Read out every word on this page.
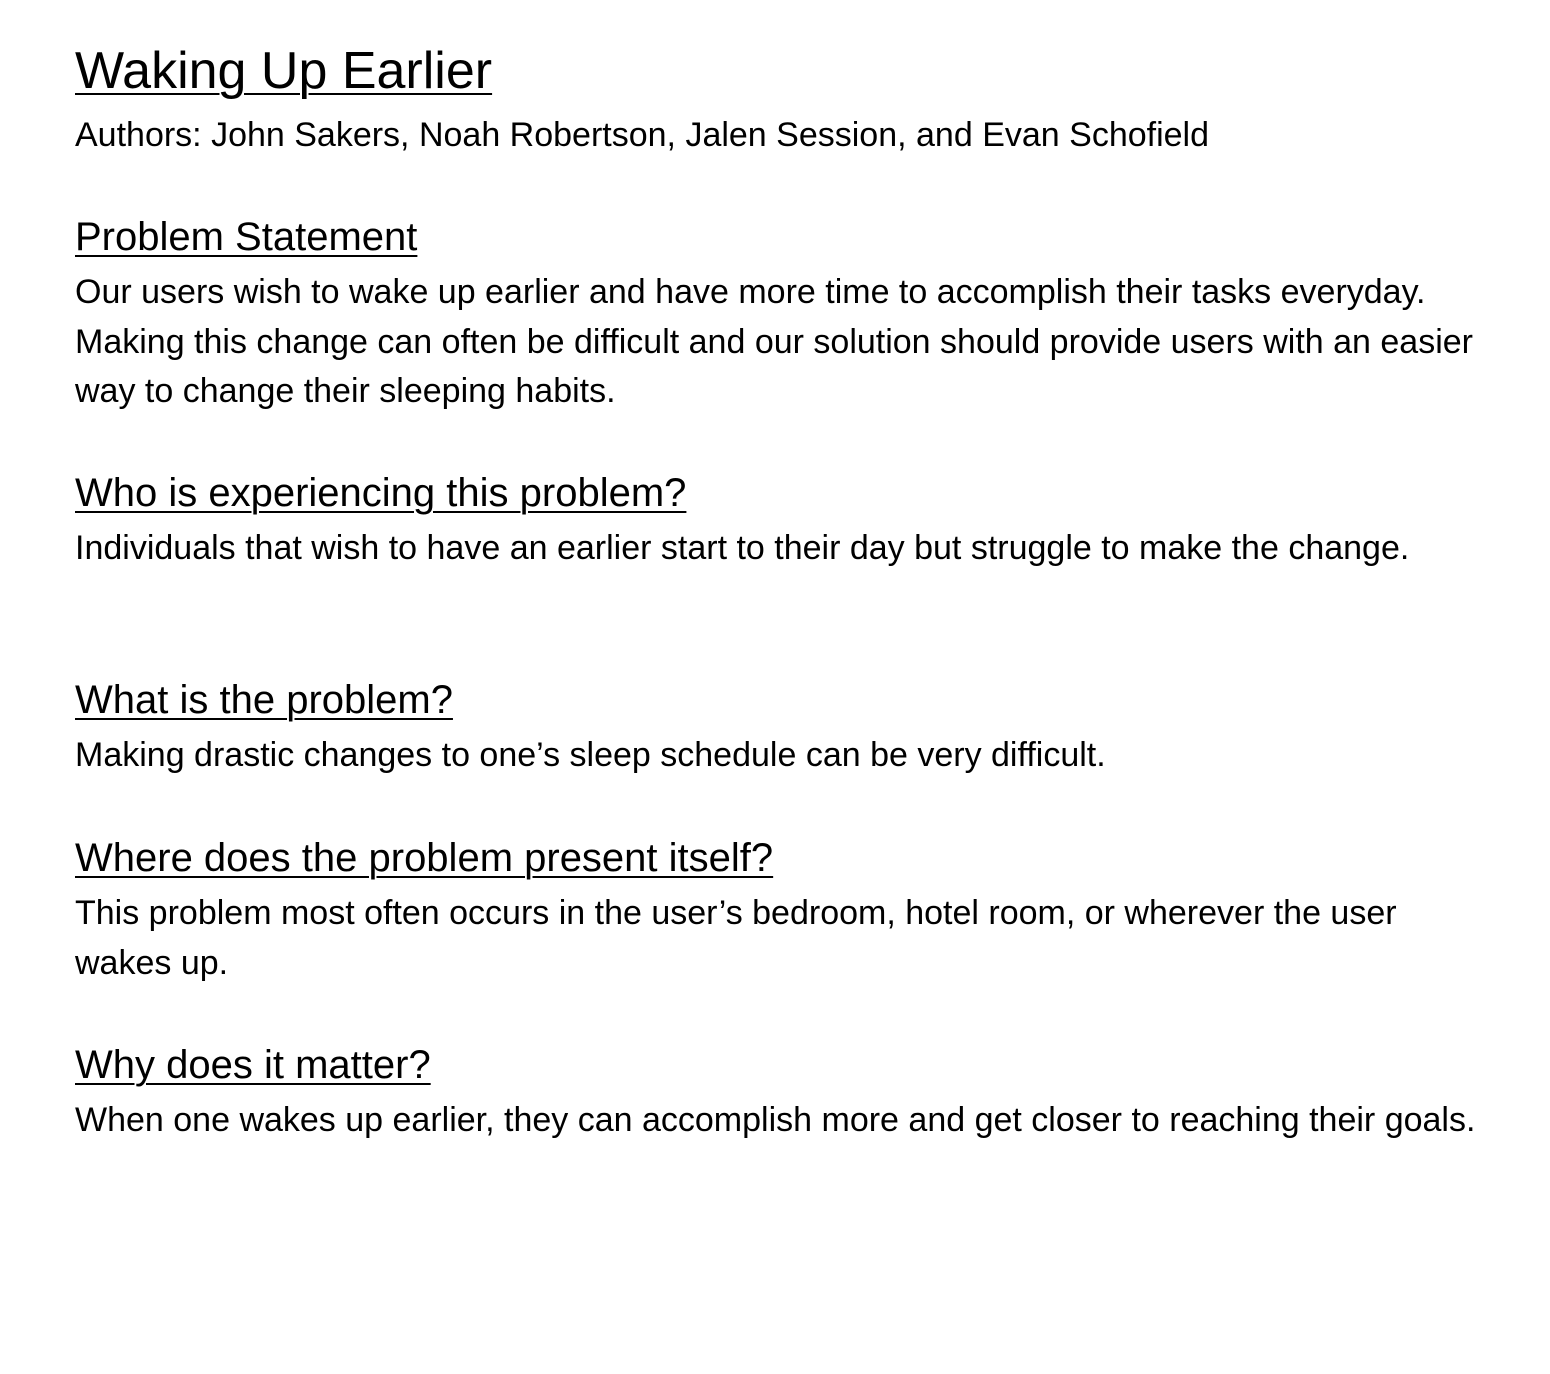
Waking Up Earlier

Authors: John Sakers, Noah Robertson, Jalen Session, and Evan Schofield

Problem Statement

Our users wish to wake up earlier and have more time to accomplish their tasks everyday. Making this change can often be difficult and our solution should provide users with an easier way to change their sleeping habits.

Who is experiencing this problem?

Individuals that wish to have an earlier start to their day but struggle to make the change.

What is the problem?

Making drastic changes to one’s sleep schedule can be very difficult.

Where does the problem present itself?

This problem most often occurs in the user’s bedroom, hotel room, or wherever the user wakes up.

Why does it matter?

When one wakes up earlier, they can accomplish more and get closer to reaching their goals.
